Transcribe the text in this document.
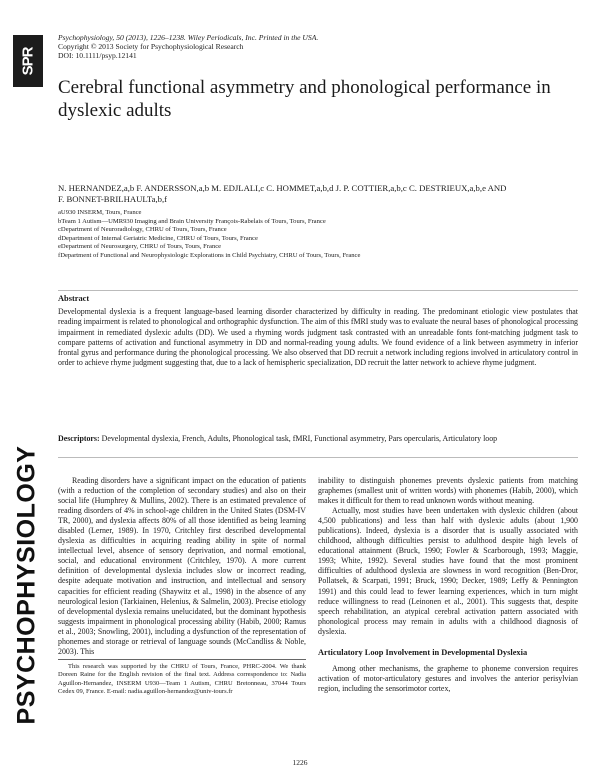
SPR
PSYCHOPHYSIOLOGY
Psychophysiology, 50 (2013), 1226–1238. Wiley Periodicals, Inc. Printed in the USA.
Copyright © 2013 Society for Psychophysiological Research
DOI: 10.1111/psyp.12141
Cerebral functional asymmetry and phonological performance in dyslexic adults
N. HERNANDEZ,a,b F. ANDERSSON,a,b M. EDJLALI,c C. HOMMET,a,b,d J. P. COTTIER,a,b,c C. DESTRIEUX,a,b,e AND
F. BONNET-BRILHAULTa,b,f
aU930 INSERM, Tours, France
bTeam 1 Autism—UMR930 Imaging and Brain University François-Rabelais of Tours, Tours, France
cDepartment of Neuroradiology, CHRU of Tours, Tours, France
dDepartment of Internal Geriatric Medicine, CHRU of Tours, Tours, France
eDepartment of Neurosurgery, CHRU of Tours, Tours, France
fDepartment of Functional and Neurophysiologic Explorations in Child Psychiatry, CHRU of Tours, Tours, France
Abstract
Developmental dyslexia is a frequent language-based learning disorder characterized by difficulty in reading. The predominant etiologic view postulates that reading impairment is related to phonological and orthographic dysfunction. The aim of this fMRI study was to evaluate the neural bases of phonological processing impairment in remediated dyslexic adults (DD). We used a rhyming words judgment task contrasted with an unreadable fonts font-matching judgment task to compare patterns of activation and functional asymmetry in DD and normal-reading young adults. We found evidence of a link between asymmetry in inferior frontal gyrus and performance during the phonological processing. We also observed that DD recruit a network including regions involved in articulatory control in order to achieve rhyme judgment suggesting that, due to a lack of hemispheric specialization, DD recruit the latter network to achieve rhyme judgment.
Descriptors: Developmental dyslexia, French, Adults, Phonological task, fMRI, Functional asymmetry, Pars opercularis, Articulatory loop
Reading disorders have a significant impact on the education of patients (with a reduction of the completion of secondary studies) and also on their social life (Humphrey & Mullins, 2002). There is an estimated prevalence of reading disorders of 4% in school-age children in the United States (DSM-IV TR, 2000), and dyslexia affects 80% of all those identified as being learning disabled (Lerner, 1989). In 1970, Critchley first described developmental dyslexia as difficulties in acquiring reading ability in spite of normal intellectual level, absence of sensory deprivation, and normal emotional, social, and educational environment (Critchley, 1970). A more current definition of developmental dyslexia includes slow or incorrect reading, despite adequate motivation and instruction, and intellectual and sensory capacities for efficient reading (Shaywitz et al., 1998) in the absence of any neurological lesion (Tarkiainen, Helenius, & Salmelin, 2003). Precise etiology of developmental dyslexia remains unelucidated, but the dominant hypothesis suggests impairment in phonological processing ability (Habib, 2000; Ramus et al., 2003; Snowling, 2001), including a dysfunction of the representation of phonemes and storage or retrieval of language sounds (McCandliss & Noble, 2003). This

inability to distinguish phonemes prevents dyslexic patients from matching graphemes (smallest unit of written words) with phonemes (Habib, 2000), which makes it difficult for them to read unknown words without meaning.

Actually, most studies have been undertaken with dyslexic children (about 4,500 publications) and less than half with dyslexic adults (about 1,900 publications). Indeed, dyslexia is a disorder that is usually associated with childhood, although difficulties persist to adulthood despite high levels of educational attainment (Bruck, 1990; Fowler & Scarborough, 1993; Maggie, 1993; White, 1992). Several studies have found that the most prominent difficulties of adulthood dyslexia are slowness in word recognition (Ben-Dror, Pollatsek, & Scarpati, 1991; Bruck, 1990; Decker, 1989; Leffy & Pennington 1991) and this could lead to fewer learning experiences, which in turn might reduce willingness to read (Leinonen et al., 2001). This suggests that, despite speech rehabilitation, an atypical cerebral activation pattern associated with phonological process may remain in adults with a childhood diagnosis of dyslexia.

Articulatory Loop Involvement in Developmental Dyslexia
Among other mechanisms, the grapheme to phoneme conversion requires activation of motor-articulatory gestures and involves the anterior perisylvian region, including the sensorimotor cortex,
This research was supported by the CHRU of Tours, France, PHRC-2004. We thank Doreen Raine for the English revision of the final text. Address correspondence to: Nadia Aguillon-Hernandez, INSERM U930—Team 1 Autism, CHRU Bretonneau, 37044 Tours Cedex 09, France. E-mail: nadia.aguillon-hernandez@univ-tours.fr
1226
